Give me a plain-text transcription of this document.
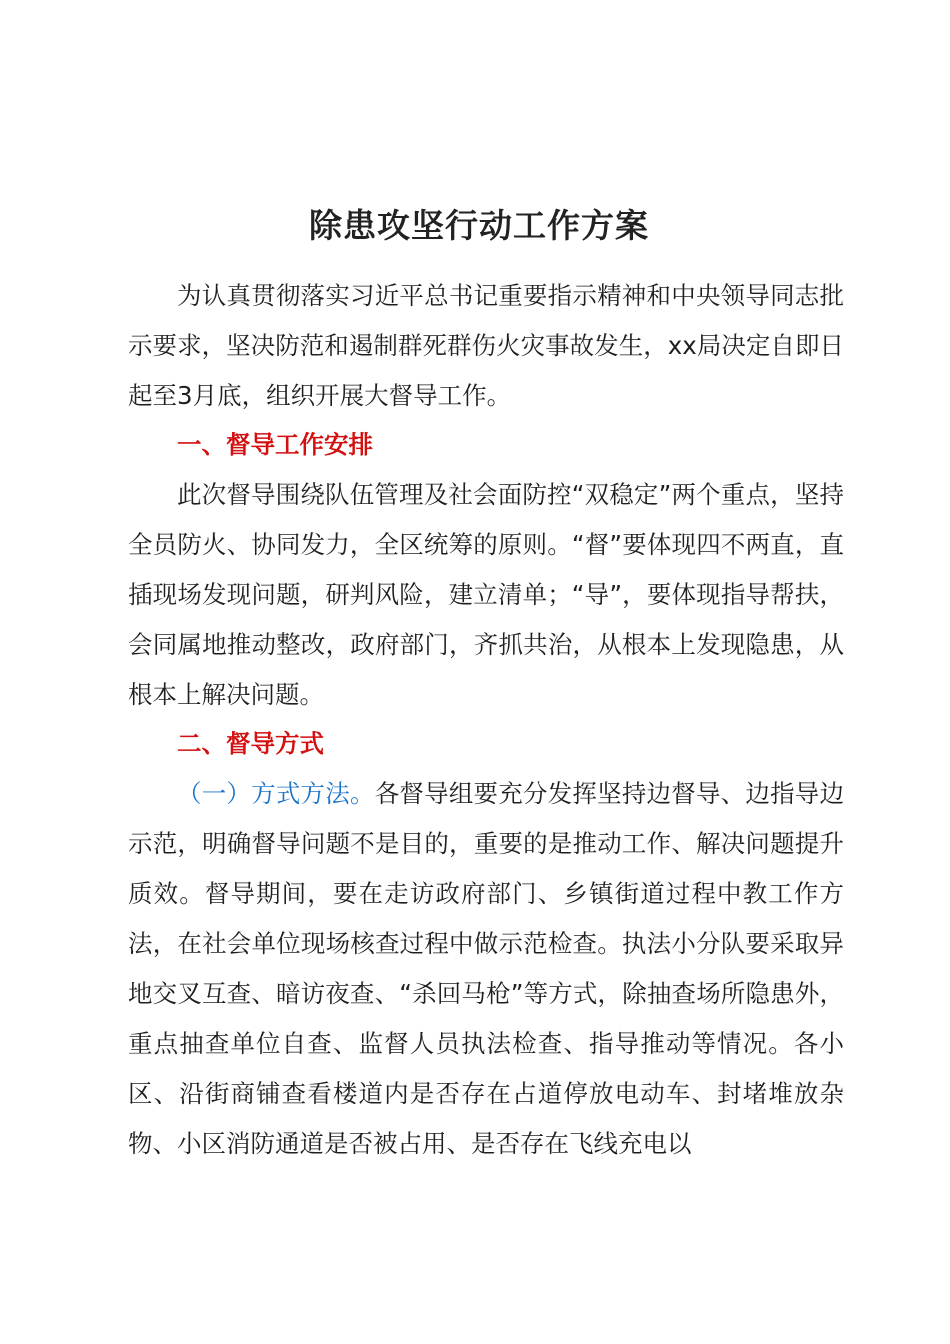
除患攻坚行动工作方案
为认真贯彻落实习近平总书记重要指示精神和中央领导同志批示要求，坚决防范和遏制群死群伤火灾事故发生，xx局决定自即日起至3月底，组织开展大督导工作。
一、督导工作安排
此次督导围绕队伍管理及社会面防控“双稳定”两个重点，坚持全员防火、协同发力，全区统筹的原则。“督”要体现四不两直，直插现场发现问题，研判风险，建立清单；“导”，要体现指导帮扶，会同属地推动整改，政府部门，齐抓共治，从根本上发现隐患，从根本上解决问题。
二、督导方式
（一）方式方法。各督导组要充分发挥坚持边督导、边指导边示范，明确督导问题不是目的，重要的是推动工作、解决问题提升质效。督导期间，要在走访政府部门、乡镇街道过程中教工作方法，在社会单位现场核查过程中做示范检查。执法小分队要采取异地交叉互查、暗访夜查、“杀回马枪”等方式，除抽查场所隐患外，重点抽查单位自查、监督人员执法检查、指导推动等情况。各小区、沿街商铺查看楼道内是否存在占道停放电动车、封堵堆放杂物、小区消防通道是否被占用、是否存在飞线充电以
